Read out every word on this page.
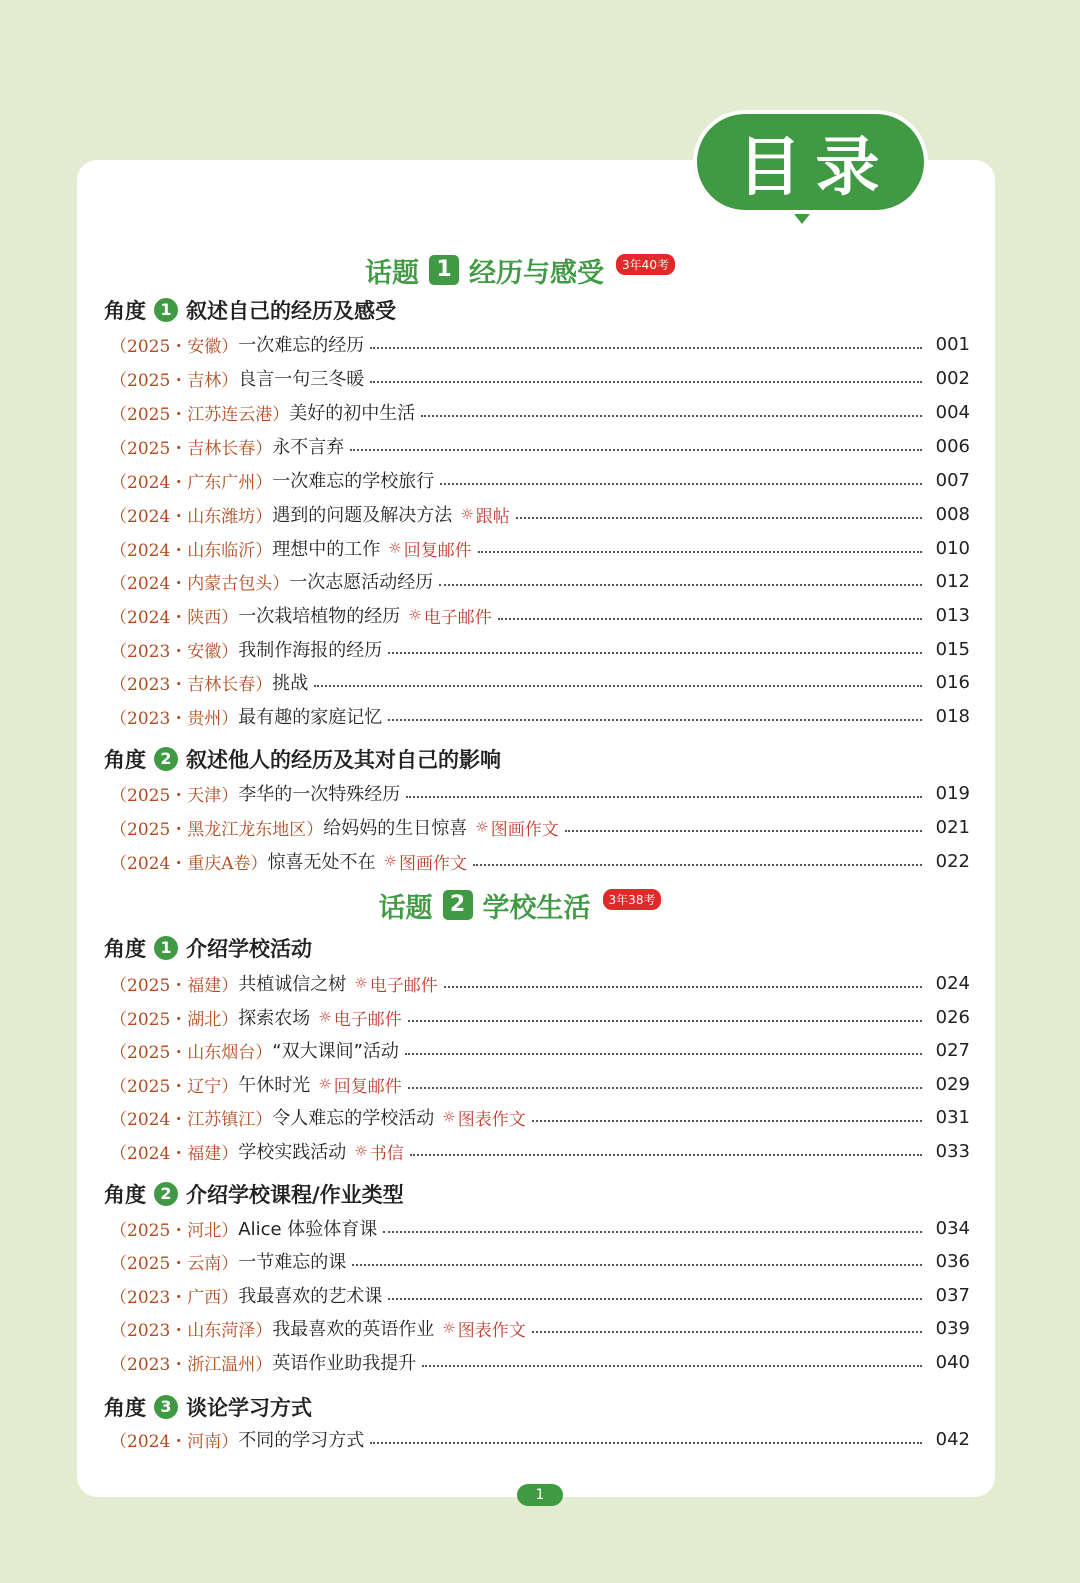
目录
话题 1 经历与感受	3年40考
角度 1 叙述自己的经历及感受
（2025・安徽） 一次难忘的经历	001
（2025・吉林） 良言一句三冬暖	002
（2025・江苏连云港） 美好的初中生活	004
（2025・吉林长春） 永不言弃	006
（2024・广东广州） 一次难忘的学校旅行	007
（2024・山东潍坊） 遇到的问题及解决方法 ☼ 跟帖	008
（2024・山东临沂） 理想中的工作 ☼ 回复邮件	010
（2024・内蒙古包头） 一次志愿活动经历	012
（2024・陕西） 一次栽培植物的经历 ☼ 电子邮件	013
（2023・安徽） 我制作海报的经历	015
（2023・吉林长春） 挑战	016
（2023・贵州） 最有趣的家庭记忆	018
角度 2 叙述他人的经历及其对自己的影响
（2025・天津） 李华的一次特殊经历	019
（2025・黑龙江龙东地区） 给妈妈的生日惊喜 ☼ 图画作文	021
（2024・重庆A卷） 惊喜无处不在 ☼ 图画作文	022
话题 2 学校生活	3年38考
角度 1 介绍学校活动
（2025・福建） 共植诚信之树 ☼ 电子邮件	024
（2025・湖北） 探索农场 ☼ 电子邮件	026
（2025・山东烟台） “双大课间”活动	027
（2025・辽宁） 午休时光 ☼ 回复邮件	029
（2024・江苏镇江） 令人难忘的学校活动 ☼ 图表作文	031
（2024・福建） 学校实践活动 ☼ 书信	033
角度 2 介绍学校课程/作业类型
（2025・河北） Alice 体验体育课	034
（2025・云南） 一节难忘的课	036
（2023・广西） 我最喜欢的艺术课	037
（2023・山东菏泽） 我最喜欢的英语作业 ☼ 图表作文	039
（2023・浙江温州） 英语作业助我提升	040
角度 3 谈论学习方式
（2024・河南） 不同的学习方式	042
1
